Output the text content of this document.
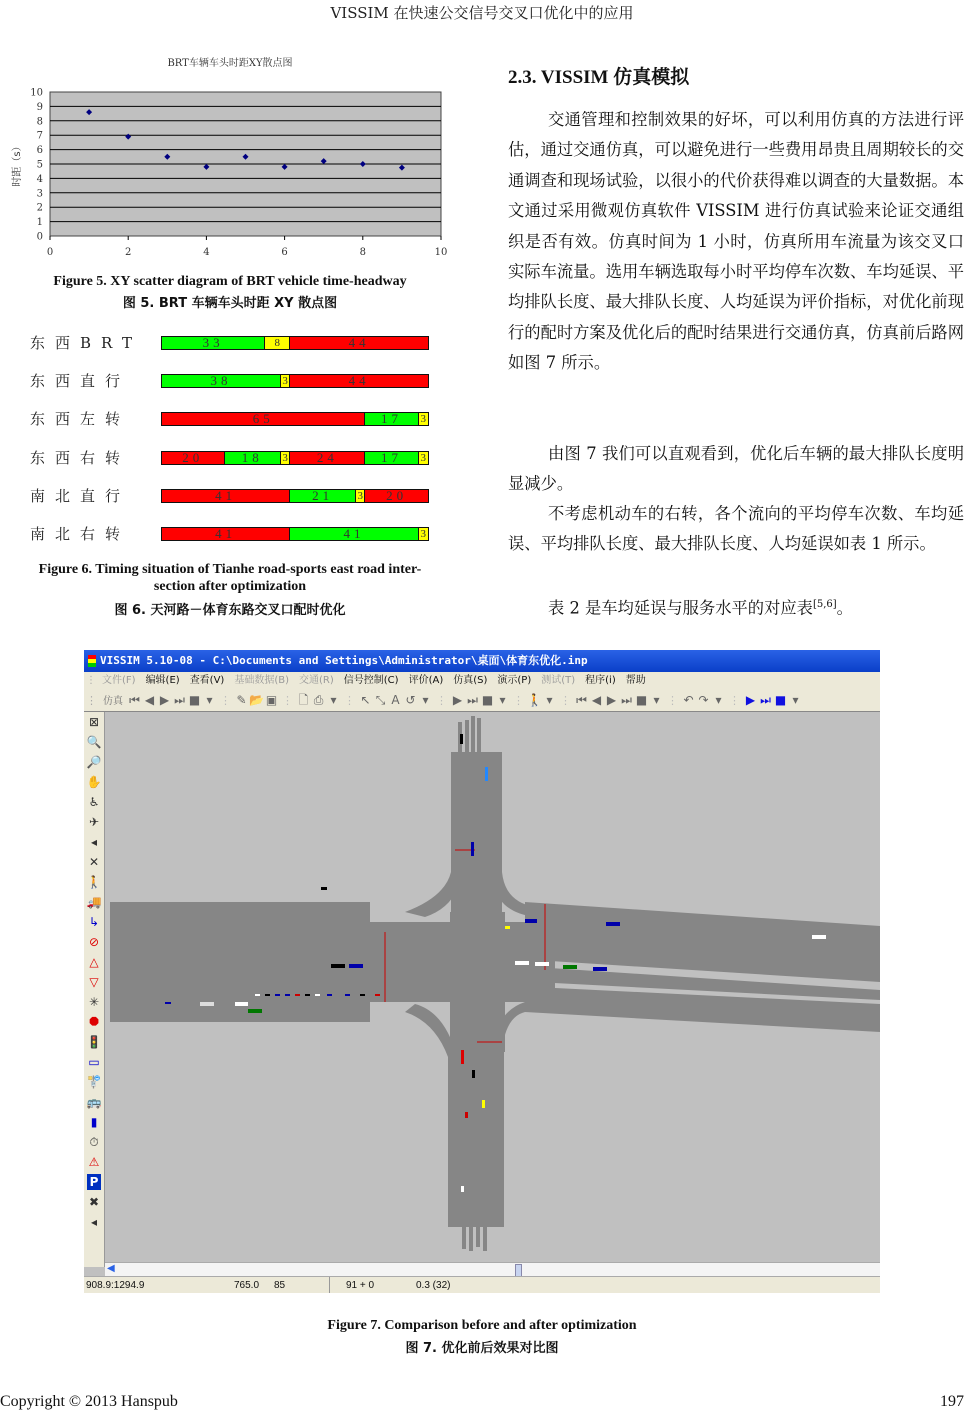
VISSIM 在快速公交信号交叉口优化中的应用
BRT车辆车头时距XY散点图
0
1
2
3
4
5
6
7
8
9
10
0	2	4	6	8	10
时距（s）
Figure 5. XY scatter diagram of BRT vehicle time-headway
图 5. BRT 车辆车头时距 XY 散点图
东西BRT	33	8	44
东西直行	38	3	44
东西左转	65	17	3
东西右转	20	18	3	24	17	3
南北直行	41	21	3	20
南北右转	41	41	3
Figure 6. Timing situation of Tianhe road-sports east road inter-
section after optimization
图 6. 天河路－体育东路交叉口配时优化
2.3. VISSIM 仿真模拟
交通管理和控制效果的好坏，可以利用仿真的方法进行评估，通过交通仿真，可以避免进行一些费用昂贵且周期较长的交通调查和现场试验，以很小的代价获得难以调查的大量数据。本文通过采用微观仿真软件 VISSIM 进行仿真试验来论证交通组织是否有效。仿真时间为 1 小时，仿真所用车流量为该交叉口实际车流量。选用车辆选取每小时平均停车次数、车均延误、平均排队长度、最大排队长度、人均延误为评价指标，对优化前现行的配时方案及优化后的配时结果进行交通仿真，仿真前后路网如图 7 所示。
由图 7 我们可以直观看到，优化后车辆的最大排队长度明显减少。
不考虑机动车的右转，各个流向的平均停车次数、车均延误、平均排队长度、最大排队长度、人均延误如表 1 所示。
表 2 是车均延误与服务水平的对应表[5,6]。
VISSIM 5.10-08 - C:\Documents and Settings\Administrator\桌面\体育东优化.inp
⋮ 文件(F) 编辑(E) 查看(V) 基础数据(B) 交通(R) 信号控制(C) 评价(A) 仿真(S) 演示(P) 测试(T) 程序(i) 帮助
⋮ 仿真 ⏮ ◀ ▶ ⏭ ■ ▾ ⋮ ✎ 📂 ▣ ⋮ 🗋 ⎙ ▾ ⋮ ↖ ⤡ A ↺ ▾ ⋮ ▶ ⏭ ■ ▾ ⋮ 🚶 ▾ ⋮ ⏮ ◀ ▶ ⏭ ■ ▾ ⋮ ↶ ↷ ▾ ⋮ ▶ ⏭ ■ ▾
⊠
🔍
🔎
✋
♿
✈
◂
✕
🚶
🚚
↳
⊘
△
▽
✳
⯃
🚦
▭
🚏
🚌
▮
⏱
⚠
P
✖
◂
◀
908.9:1294.9	765.0 85	91 + 0	0.3 (32)
Figure 7. Comparison before and after optimization
图 7. 优化前后效果对比图
Copyright © 2013 Hanspub	197
